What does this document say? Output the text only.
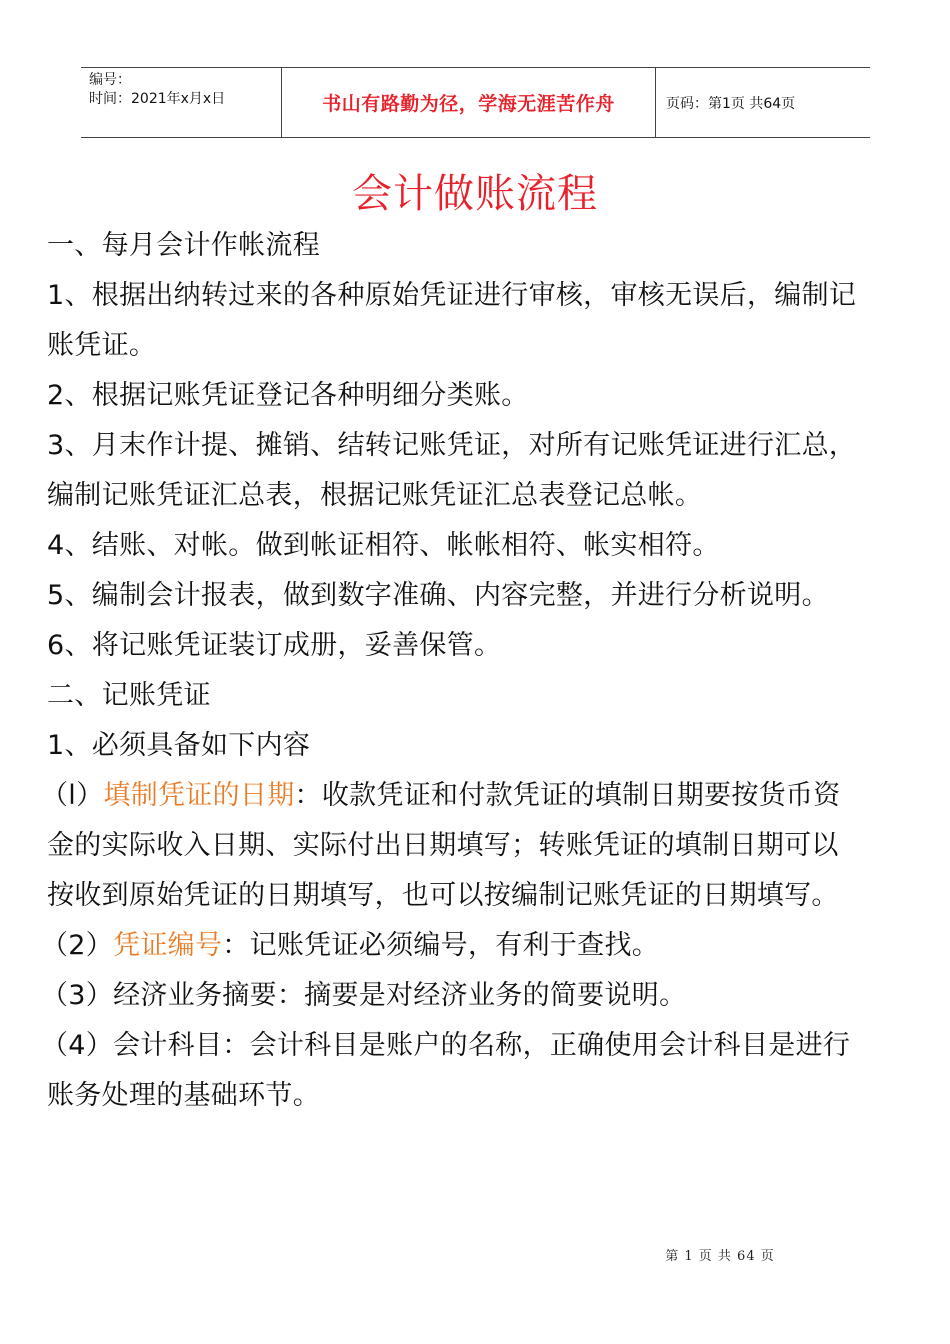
编号：
时间：2021年x月x日	书山有路勤为径，学海无涯苦作舟	页码：第1页 共64页
会计做账流程

一、每月会计作帐流程

1、根据出纳转过来的各种原始凭证进行审核，审核无误后，编制记

账凭证。

2、根据记账凭证登记各种明细分类账。

3、月末作计提、摊销、结转记账凭证，对所有记账凭证进行汇总，

编制记账凭证汇总表，根据记账凭证汇总表登记总帐。

4、结账、对帐。做到帐证相符、帐帐相符、帐实相符。

5、编制会计报表，做到数字准确、内容完整，并进行分析说明。

6、将记账凭证装订成册，妥善保管。

二、记账凭证

1、必须具备如下内容

（l）填制凭证的日期：收款凭证和付款凭证的填制日期要按货币资

金的实际收入日期、实际付出日期填写；转账凭证的填制日期可以

按收到原始凭证的日期填写，也可以按编制记账凭证的日期填写。

（2）凭证编号：记账凭证必须编号，有利于查找。

（3）经济业务摘要：摘要是对经济业务的简要说明。

（4）会计科目：会计科目是账户的名称，正确使用会计科目是进行

账务处理的基础环节。

第 1 页 共 64 页
